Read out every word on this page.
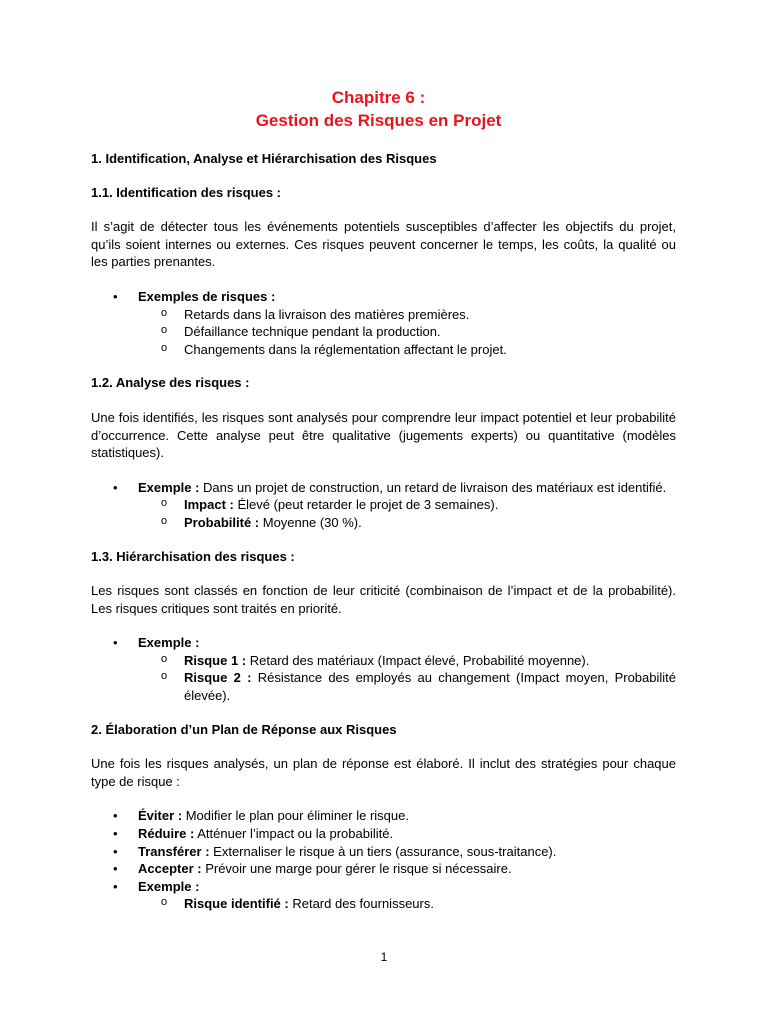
Chapitre 6 :
Gestion des Risques en Projet

1. Identification, Analyse et Hiérarchisation des Risques

1.1. Identification des risques :

Il s’agit de détecter tous les événements potentiels susceptibles d’affecter les objectifs du projet, qu’ils soient internes ou externes. Ces risques peuvent concerner le temps, les coûts, la qualité ou les parties prenantes.

• Exemples de risques :
o Retards dans la livraison des matières premières.
o Défaillance technique pendant la production.
o Changements dans la réglementation affectant le projet.

1.2. Analyse des risques :

Une fois identifiés, les risques sont analysés pour comprendre leur impact potentiel et leur probabilité d’occurrence. Cette analyse peut être qualitative (jugements experts) ou quantitative (modèles statistiques).

• Exemple : Dans un projet de construction, un retard de livraison des matériaux est identifié.
o Impact : Élevé (peut retarder le projet de 3 semaines).
o Probabilité : Moyenne (30 %).

1.3. Hiérarchisation des risques :

Les risques sont classés en fonction de leur criticité (combinaison de l’impact et de la probabilité). Les risques critiques sont traités en priorité.

• Exemple :
o Risque 1 : Retard des matériaux (Impact élevé, Probabilité moyenne).
o Risque 2 : Résistance des employés au changement (Impact moyen, Probabilité élevée).

2. Élaboration d’un Plan de Réponse aux Risques

Une fois les risques analysés, un plan de réponse est élaboré. Il inclut des stratégies pour chaque type de risque :

• Éviter : Modifier le plan pour éliminer le risque.
• Réduire : Atténuer l’impact ou la probabilité.
• Transférer : Externaliser le risque à un tiers (assurance, sous-traitance).
• Accepter : Prévoir une marge pour gérer le risque si nécessaire.
• Exemple :
o Risque identifié : Retard des fournisseurs.
1
